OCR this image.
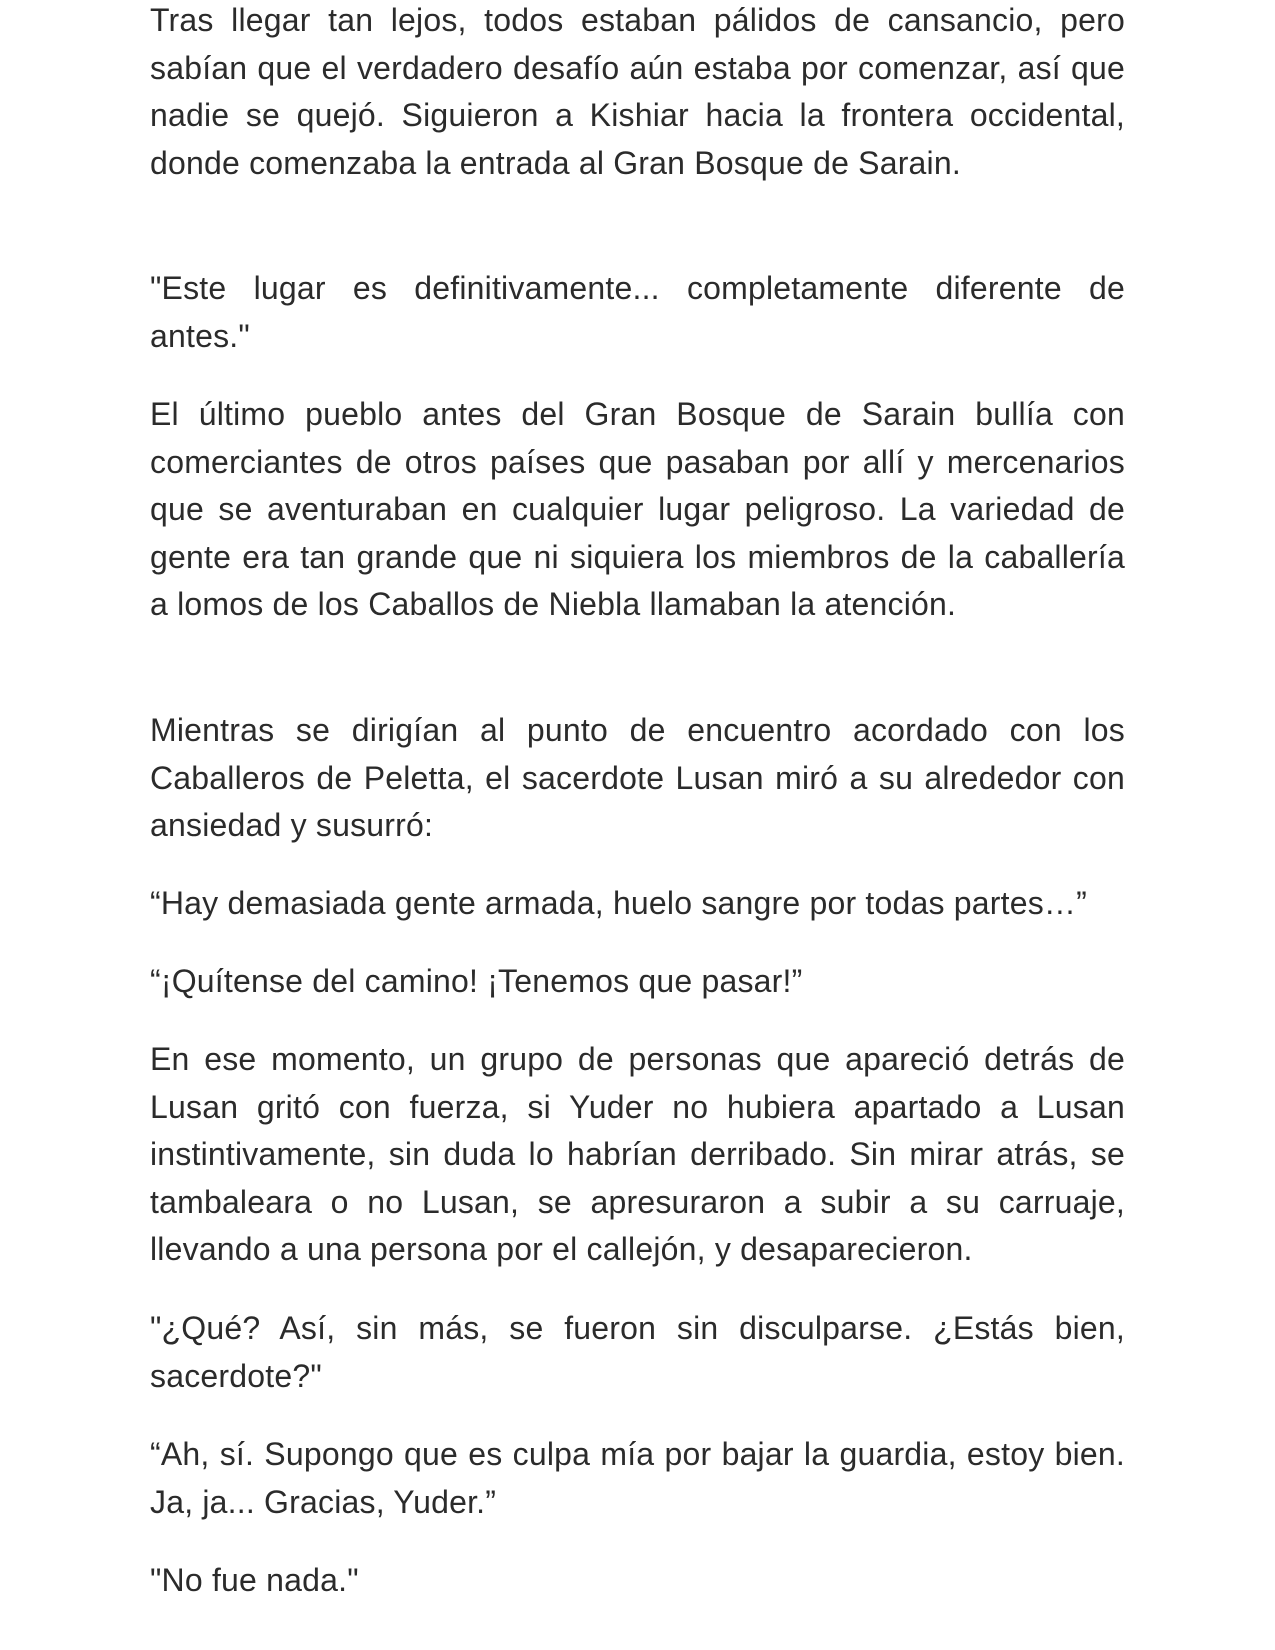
Tras llegar tan lejos, todos estaban pálidos de cansancio, pero sabían que el verdadero desafío aún estaba por comenzar, así que nadie se quejó. Siguieron a Kishiar hacia la frontera occidental, donde comenzaba la entrada al Gran Bosque de Sarain.

"Este lugar es definitivamente... completamente diferente de antes."

El último pueblo antes del Gran Bosque de Sarain bullía con comerciantes de otros países que pasaban por allí y mercenarios que se aventuraban en cualquier lugar peligroso. La variedad de gente era tan grande que ni siquiera los miembros de la caballería a lomos de los Caballos de Niebla llamaban la atención.

Mientras se dirigían al punto de encuentro acordado con los Caballeros de Peletta, el sacerdote Lusan miró a su alrededor con ansiedad y susurró:

“Hay demasiada gente armada, huelo sangre por todas partes…”

“¡Quítense del camino! ¡Tenemos que pasar!”

En ese momento, un grupo de personas que apareció detrás de Lusan gritó con fuerza, si Yuder no hubiera apartado a Lusan instintivamente, sin duda lo habrían derribado. Sin mirar atrás, se tambaleara o no Lusan, se apresuraron a subir a su carruaje, llevando a una persona por el callejón, y desaparecieron.

"¿Qué? Así, sin más, se fueron sin disculparse. ¿Estás bien, sacerdote?"

“Ah, sí. Supongo que es culpa mía por bajar la guardia, estoy bien. Ja, ja... Gracias, Yuder.”

"No fue nada."
